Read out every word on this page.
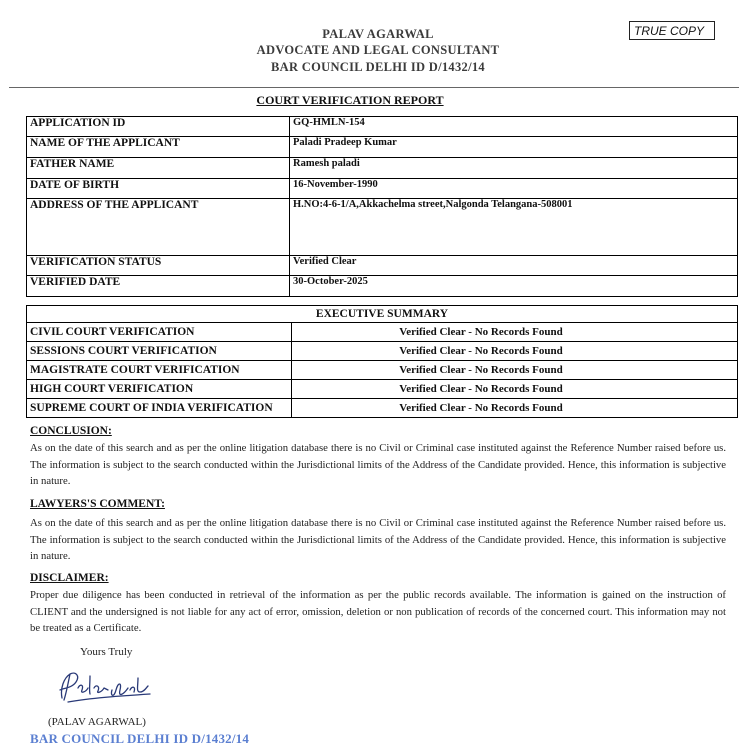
PALAV AGARWAL
ADVOCATE AND LEGAL CONSULTANT
BAR COUNCIL DELHI ID D/1432/14
TRUE COPY
COURT VERIFICATION REPORT
APPLICATION ID	GQ-HMLN-154
NAME OF THE APPLICANT	Paladi Pradeep Kumar
FATHER NAME	Ramesh paladi
DATE OF BIRTH	16-November-1990
ADDRESS OF THE APPLICANT	H.NO:4-6-1/A,Akkachelma street,Nalgonda Telangana-508001
VERIFICATION STATUS	Verified Clear
VERIFIED DATE	30-October-2025
EXECUTIVE SUMMARY	
CIVIL COURT VERIFICATION	Verified Clear - No Records Found
SESSIONS COURT VERIFICATION	Verified Clear - No Records Found
MAGISTRATE COURT VERIFICATION	Verified Clear - No Records Found
HIGH COURT VERIFICATION	Verified Clear - No Records Found
SUPREME COURT OF INDIA VERIFICATION	Verified Clear - No Records Found
CONCLUSION:
As on the date of this search and as per the online litigation database there is no Civil or Criminal case instituted against the Reference Number raised before us. The information is subject to the search conducted within the Jurisdictional limits of the Address of the Candidate provided. Hence, this information is subjective in nature.
LAWYERS'S COMMENT:
As on the date of this search and as per the online litigation database there is no Civil or Criminal case instituted against the Reference Number raised before us. The information is subject to the search conducted within the Jurisdictional limits of the Address of the Candidate provided. Hence, this information is subjective in nature.
DISCLAIMER:
Proper due diligence has been conducted in retrieval of the information as per the public records available. The information is gained on the instruction of CLIENT and the undersigned is not liable for any act of error, omission, deletion or non publication of records of the concerned court. This information may not be treated as a Certificate.
Yours Truly
(PALAV AGARWAL)
BAR COUNCIL DELHI ID D/1432/14
